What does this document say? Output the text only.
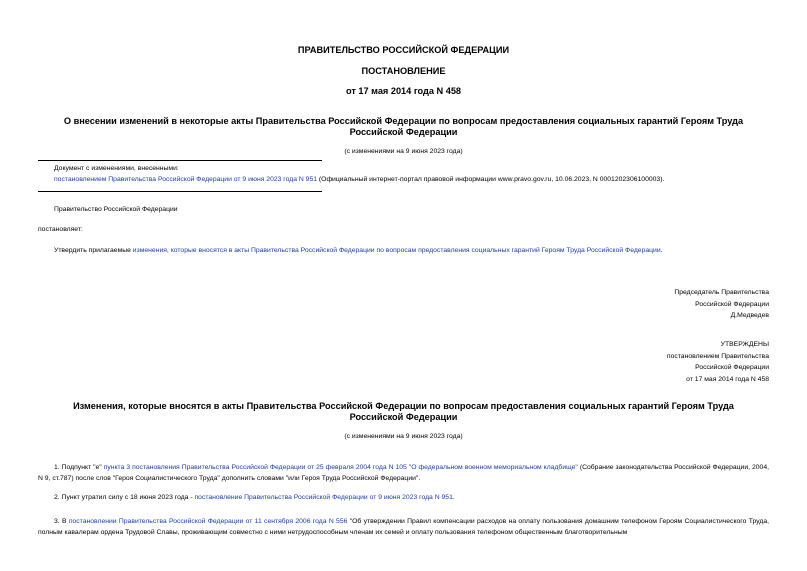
ПРАВИТЕЛЬСТВО РОССИЙСКОЙ ФЕДЕРАЦИИ
ПОСТАНОВЛЕНИЕ
от 17 мая 2014 года N 458
О внесении изменений в некоторые акты Правительства Российской Федерации по вопросам предоставления социальных гарантий Героям Труда Российской Федерации
(с изменениями на 9 июня 2023 года)
Документ с изменениями, внесенными:
постановлением Правительства Российской Федерации от 9 июня 2023 года N 951 (Официальный интернет-портал правовой информации www.pravo.gov.ru, 10.06.2023, N 0001202306100003).
Правительство Российской Федерации
постановляет:
Утвердить прилагаемые изменения, которые вносятся в акты Правительства Российской Федерации по вопросам предоставления социальных гарантий Героям Труда Российской Федерации.
Председатель Правительства
Российской Федерации
Д.Медведев
УТВЕРЖДЕНЫ
постановлением Правительства
Российской Федерации
от 17 мая 2014 года N 458
Изменения, которые вносятся в акты Правительства Российской Федерации по вопросам предоставления социальных гарантий Героям Труда Российской Федерации
(с изменениями на 9 июня 2023 года)
1. Подпункт "е" пункта 3 постановления Правительства Российской Федерации от 25 февраля 2004 года N 105 "О федеральном военном мемориальном кладбище" (Собрание законодательства Российской Федерации, 2004, N 9, ст.787) после слов "Героя Социалистического Труда" дополнить словами "или Героя Труда Российской Федерации".
2. Пункт утратил силу с 18 июня 2023 года - постановление Правительства Российской Федерации от 9 июня 2023 года N 951.
3. В постановлении Правительства Российской Федерации от 11 сентября 2006 года N 556 "Об утверждении Правил компенсации расходов на оплату пользования домашним телефоном Героям Социалистического Труда, полным кавалерам ордена Трудовой Славы, проживающим совместно с ними нетрудоспособным членам их семей и оплату пользования телефоном общественным благотворительным
